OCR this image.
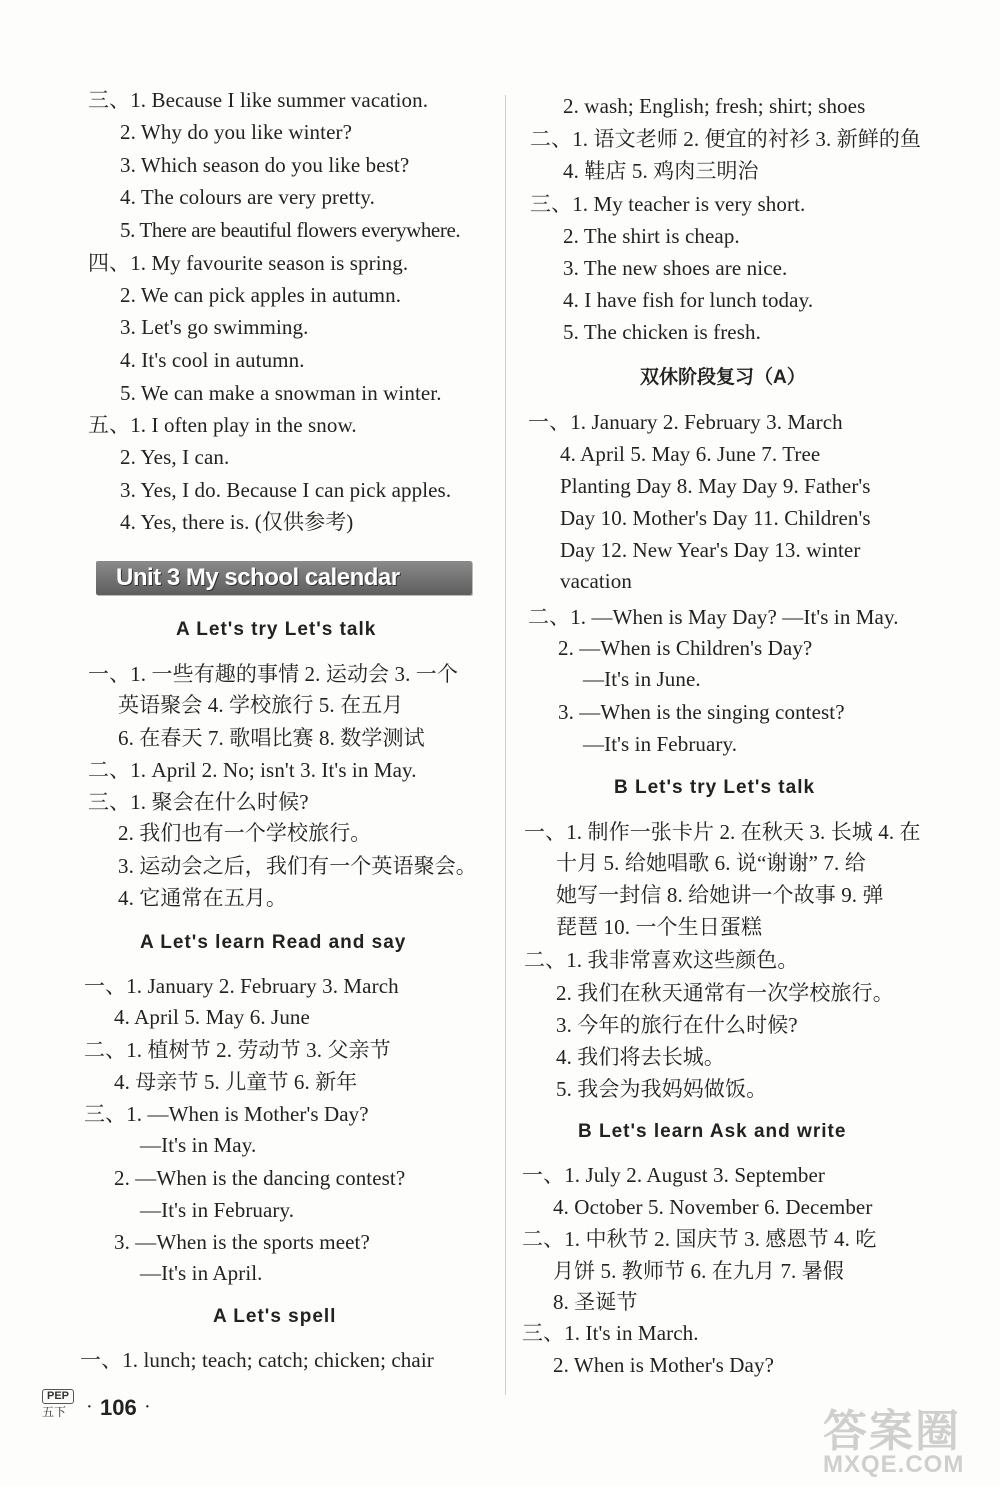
三、1. Because I like summer vacation.
2. Why do you like winter?
3. Which season do you like best?
4. The colours are very pretty.
5. There are beautiful flowers everywhere.
四、1. My favourite season is spring.
2. We can pick apples in autumn.
3. Let's go swimming.
4. It's cool in autumn.
5. We can make a snowman in winter.
五、1. I often play in the snow.
2. Yes, I can.
3. Yes, I do. Because I can pick apples.
4. Yes, there is. (仅供参考)
Unit 3 My school calendar
A Let's try Let's talk
一、1. 一些有趣的事情 2. 运动会 3. 一个
英语聚会 4. 学校旅行 5. 在五月
6. 在春天 7. 歌唱比赛 8. 数学测试
二、1. April 2. No; isn't 3. It's in May.
三、1. 聚会在什么时候?
2. 我们也有一个学校旅行。
3. 运动会之后，我们有一个英语聚会。
4. 它通常在五月。
A Let's learn Read and say
一、1. January 2. February 3. March
4. April 5. May 6. June
二、1. 植树节 2. 劳动节 3. 父亲节
4. 母亲节 5. 儿童节 6. 新年
三、1. —When is Mother's Day?
—It's in May.
2. —When is the dancing contest?
—It's in February.
3. —When is the sports meet?
—It's in April.
A Let's spell
一、1. lunch; teach; catch; chicken; chair
2. wash; English; fresh; shirt; shoes
二、1. 语文老师 2. 便宜的衬衫 3. 新鲜的鱼
4. 鞋店 5. 鸡肉三明治
三、1. My teacher is very short.
2. The shirt is cheap.
3. The new shoes are nice.
4. I have fish for lunch today.
5. The chicken is fresh.
双休阶段复习（A）
一、1. January 2. February 3. March
4. April 5. May 6. June 7. Tree
Planting Day 8. May Day 9. Father's
Day 10. Mother's Day 11. Children's
Day 12. New Year's Day 13. winter
vacation
二、1. —When is May Day? —It's in May.
2. —When is Children's Day?
—It's in June.
3. —When is the singing contest?
—It's in February.
B Let's try Let's talk
一、1. 制作一张卡片 2. 在秋天 3. 长城 4. 在
十月 5. 给她唱歌 6. 说“谢谢” 7. 给
她写一封信 8. 给她讲一个故事 9. 弹
琵琶 10. 一个生日蛋糕
二、1. 我非常喜欢这些颜色。
2. 我们在秋天通常有一次学校旅行。
3. 今年的旅行在什么时候?
4. 我们将去长城。
5. 我会为我妈妈做饭。
B Let's learn Ask and write
一、1. July 2. August 3. September
4. October 5. November 6. December
二、1. 中秋节 2. 国庆节 3. 感恩节 4. 吃
月饼 5. 教师节 6. 在九月 7. 暑假
8. 圣诞节
三、1. It's in March.
2. When is Mother's Day?
PEP
五下 · 106 ·	答案圈
MXQE.COM
